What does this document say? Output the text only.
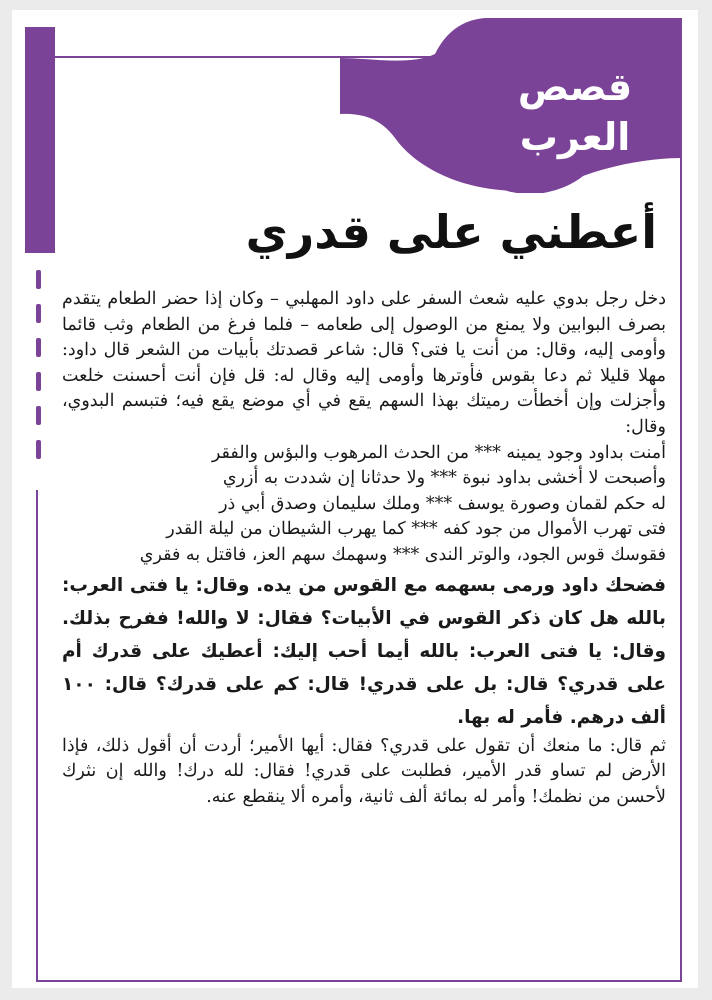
قصص
العرب
أعطني على قدري

دخل رجل بدوي عليه شعث السفر على داود المهلبي – وكان إذا حضر الطعام يتقدم بصرف البوابين ولا يمنع من الوصول إلى طعامه – فلما فرغ من الطعام وثب قائما وأومى إليه، وقال: من أنت يا فتى؟ قال: شاعر قصدتك بأبيات من الشعر قال داود: مهلا قليلا ثم دعا بقوس فأوترها وأومى إليه وقال له: قل فإن أنت أحسنت خلعت وأجزلت وإن أخطأت رميتك بهذا السهم يقع في أي موضع يقع فيه؛ فتبسم البدوي، وقال:

أمنت بداود وجود يمينه *** من الحدث المرهوب والبؤس والفقر

وأصبحت لا أخشى بداود نبوة *** ولا حدثانا إن شددت به أزري

له حكم لقمان وصورة يوسف *** وملك سليمان وصدق أبي ذر

فتى تهرب الأموال من جود كفه *** كما يهرب الشيطان من ليلة القدر

فقوسك قوس الجود، والوتر الندى *** وسهمك سهم العز، فاقتل به فقري

فضحك داود ورمى بسهمه مع القوس من يده. وقال: يا فتى العرب: بالله هل كان ذكر القوس في الأبيات؟ فقال: لا والله! ففرح بذلك. وقال: يا فتى العرب: بالله أيما أحب إليك: أعطيك على قدرك أم على قدري؟ قال: بل على قدري! قال: كم على قدرك؟ قال: ١٠٠ ألف درهم. فأمر له بها.

ثم قال: ما منعك أن تقول على قدري؟ فقال: أيها الأمير؛ أردت أن أقول ذلك، فإذا الأرض لم تساو قدر الأمير، فطلبت على قدري! فقال: لله درك! والله إن نثرك لأحسن من نظمك! وأمر له بمائة ألف ثانية، وأمره ألا ينقطع عنه.
